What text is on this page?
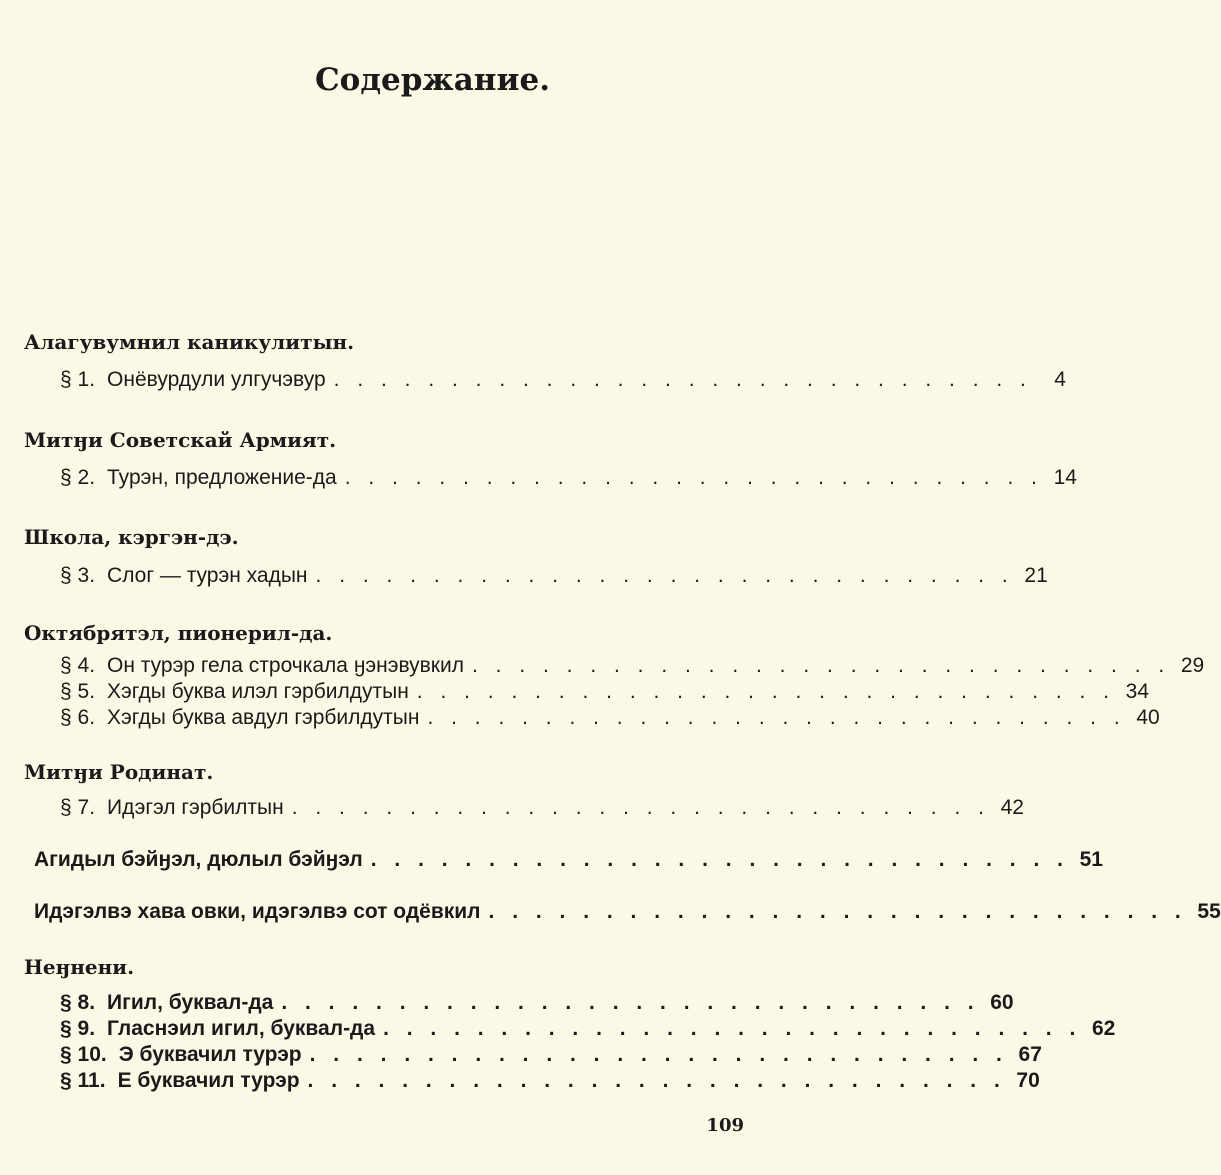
Содержание.
Алагувумнил каникулитын.
§ 1. Онёвурдули улгучэвур . . . . . . . . . . . . . . . . . . . . . . . . . . . . . .	4
Митӈи Советскай Армият.
§ 2. Турэн, предложение-да . . . . . . . . . . . . . . . . . . . . . . . . . . . . . . 14
Школа, кэргэн-дэ.
§ 3. Слог — турэн хадын . . . . . . . . . . . . . . . . . . . . . . . . . . . . . . 21
Октябрятэл, пионерил-да.
§ 4. Он турэр гела строчкала ӈэнэвувкил . . . . . . . . . . . . . . . . . . . . . . . . . . . . . . 29
§ 5. Хэгды буква илэл гэрбилдутын . . . . . . . . . . . . . . . . . . . . . . . . . . . . . . 34
§ 6. Хэгды буква авдул гэрбилдутын . . . . . . . . . . . . . . . . . . . . . . . . . . . . . . 40
Митӈи Родинат.
§ 7. Идэгэл гэрбилтын . . . . . . . . . . . . . . . . . . . . . . . . . . . . . . 42
Агидыл бэйӈэл, дюлыл бэйӈэл . . . . . . . . . . . . . . . . . . . . . . . . . . . . . . 51
Идэгэлвэ хава овки, идэгэлвэ сот одёвкил . . . . . . . . . . . . . . . . . . . . . . . . . . . . . . 55
Неӈнени.
§ 8. Игил, буквал-да . . . . . . . . . . . . . . . . . . . . . . . . . . . . . . 60
§ 9. Гласнэил игил, буквал-да . . . . . . . . . . . . . . . . . . . . . . . . . . . . . . 62
§ 10. Э буквачил турэр . . . . . . . . . . . . . . . . . . . . . . . . . . . . . . 67
§ 11. Е буквачил турэр . . . . . . . . . . . . . . . . . . . . . . . . . . . . . . 70
109
